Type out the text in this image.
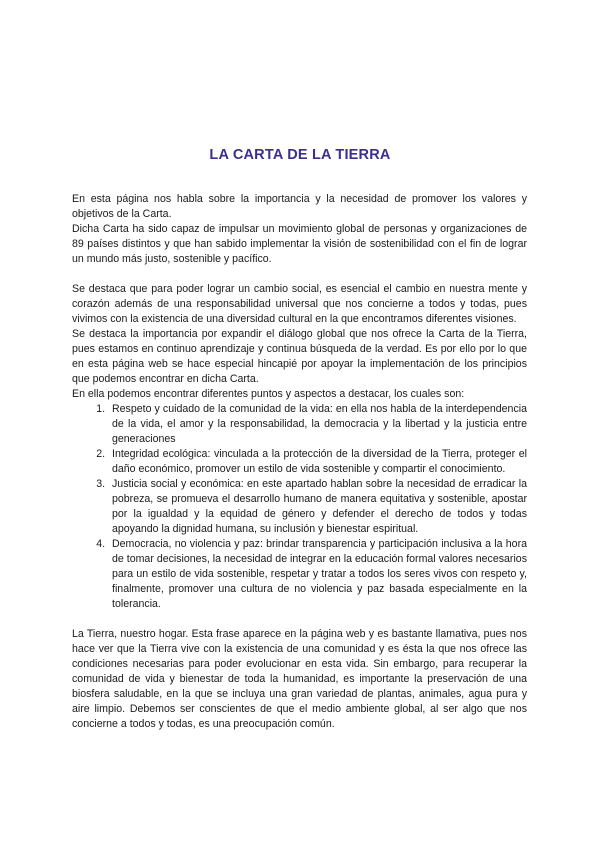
LA CARTA DE LA TIERRA

En esta página nos habla sobre la importancia y la necesidad de promover los valores y objetivos de la Carta.

Dicha Carta ha sido capaz de impulsar un movimiento global de personas y organizaciones de 89 países distintos y que han sabido implementar la visión de sostenibilidad con el fin de lograr un mundo más justo, sostenible y pacífico.

Se destaca que para poder lograr un cambio social, es esencial el cambio en nuestra mente y corazón además de una responsabilidad universal que nos concierne a todos y todas, pues vivimos con la existencia de una diversidad cultural en la que encontramos diferentes visiones.

Se destaca la importancia por expandir el diálogo global que nos ofrece la Carta de la Tierra, pues estamos en continuo aprendizaje y continua búsqueda de la verdad. Es por ello por lo que en esta página web se hace especial hincapié por apoyar la implementación de los principios que podemos encontrar en dicha Carta.

En ella podemos encontrar diferentes puntos y aspectos a destacar, los cuales son:

1. Respeto y cuidado de la comunidad de la vida: en ella nos habla de la interdependencia de la vida, el amor y la responsabilidad, la democracia y la libertad y la justicia entre generaciones
2. Integridad ecológica: vinculada a la protección de la diversidad de la Tierra, proteger el daño económico, promover un estilo de vida sostenible y compartir el conocimiento.
3. Justicia social y económica: en este apartado hablan sobre la necesidad de erradicar la pobreza, se promueva el desarrollo humano de manera equitativa y sostenible, apostar por la igualdad y la equidad de género y defender el derecho de todos y todas apoyando la dignidad humana, su inclusión y bienestar espiritual.
4. Democracia, no violencia y paz: brindar transparencia y participación inclusiva a la hora de tomar decisiones, la necesidad de integrar en la educación formal valores necesarios para un estilo de vida sostenible, respetar y tratar a todos los seres vivos con respeto y, finalmente, promover una cultura de no violencia y paz basada especialmente en la tolerancia.

La Tierra, nuestro hogar. Esta frase aparece en la página web y es bastante llamativa, pues nos hace ver que la Tierra vive con la existencia de una comunidad y es ésta la que nos ofrece las condiciones necesarias para poder evolucionar en esta vida. Sin embargo, para recuperar la comunidad de vida y bienestar de toda la humanidad, es importante la preservación de una biosfera saludable, en la que se incluya una gran variedad de plantas, animales, agua pura y aire limpio. Debemos ser conscientes de que el medio ambiente global, al ser algo que nos concierne a todos y todas, es una preocupación común.
